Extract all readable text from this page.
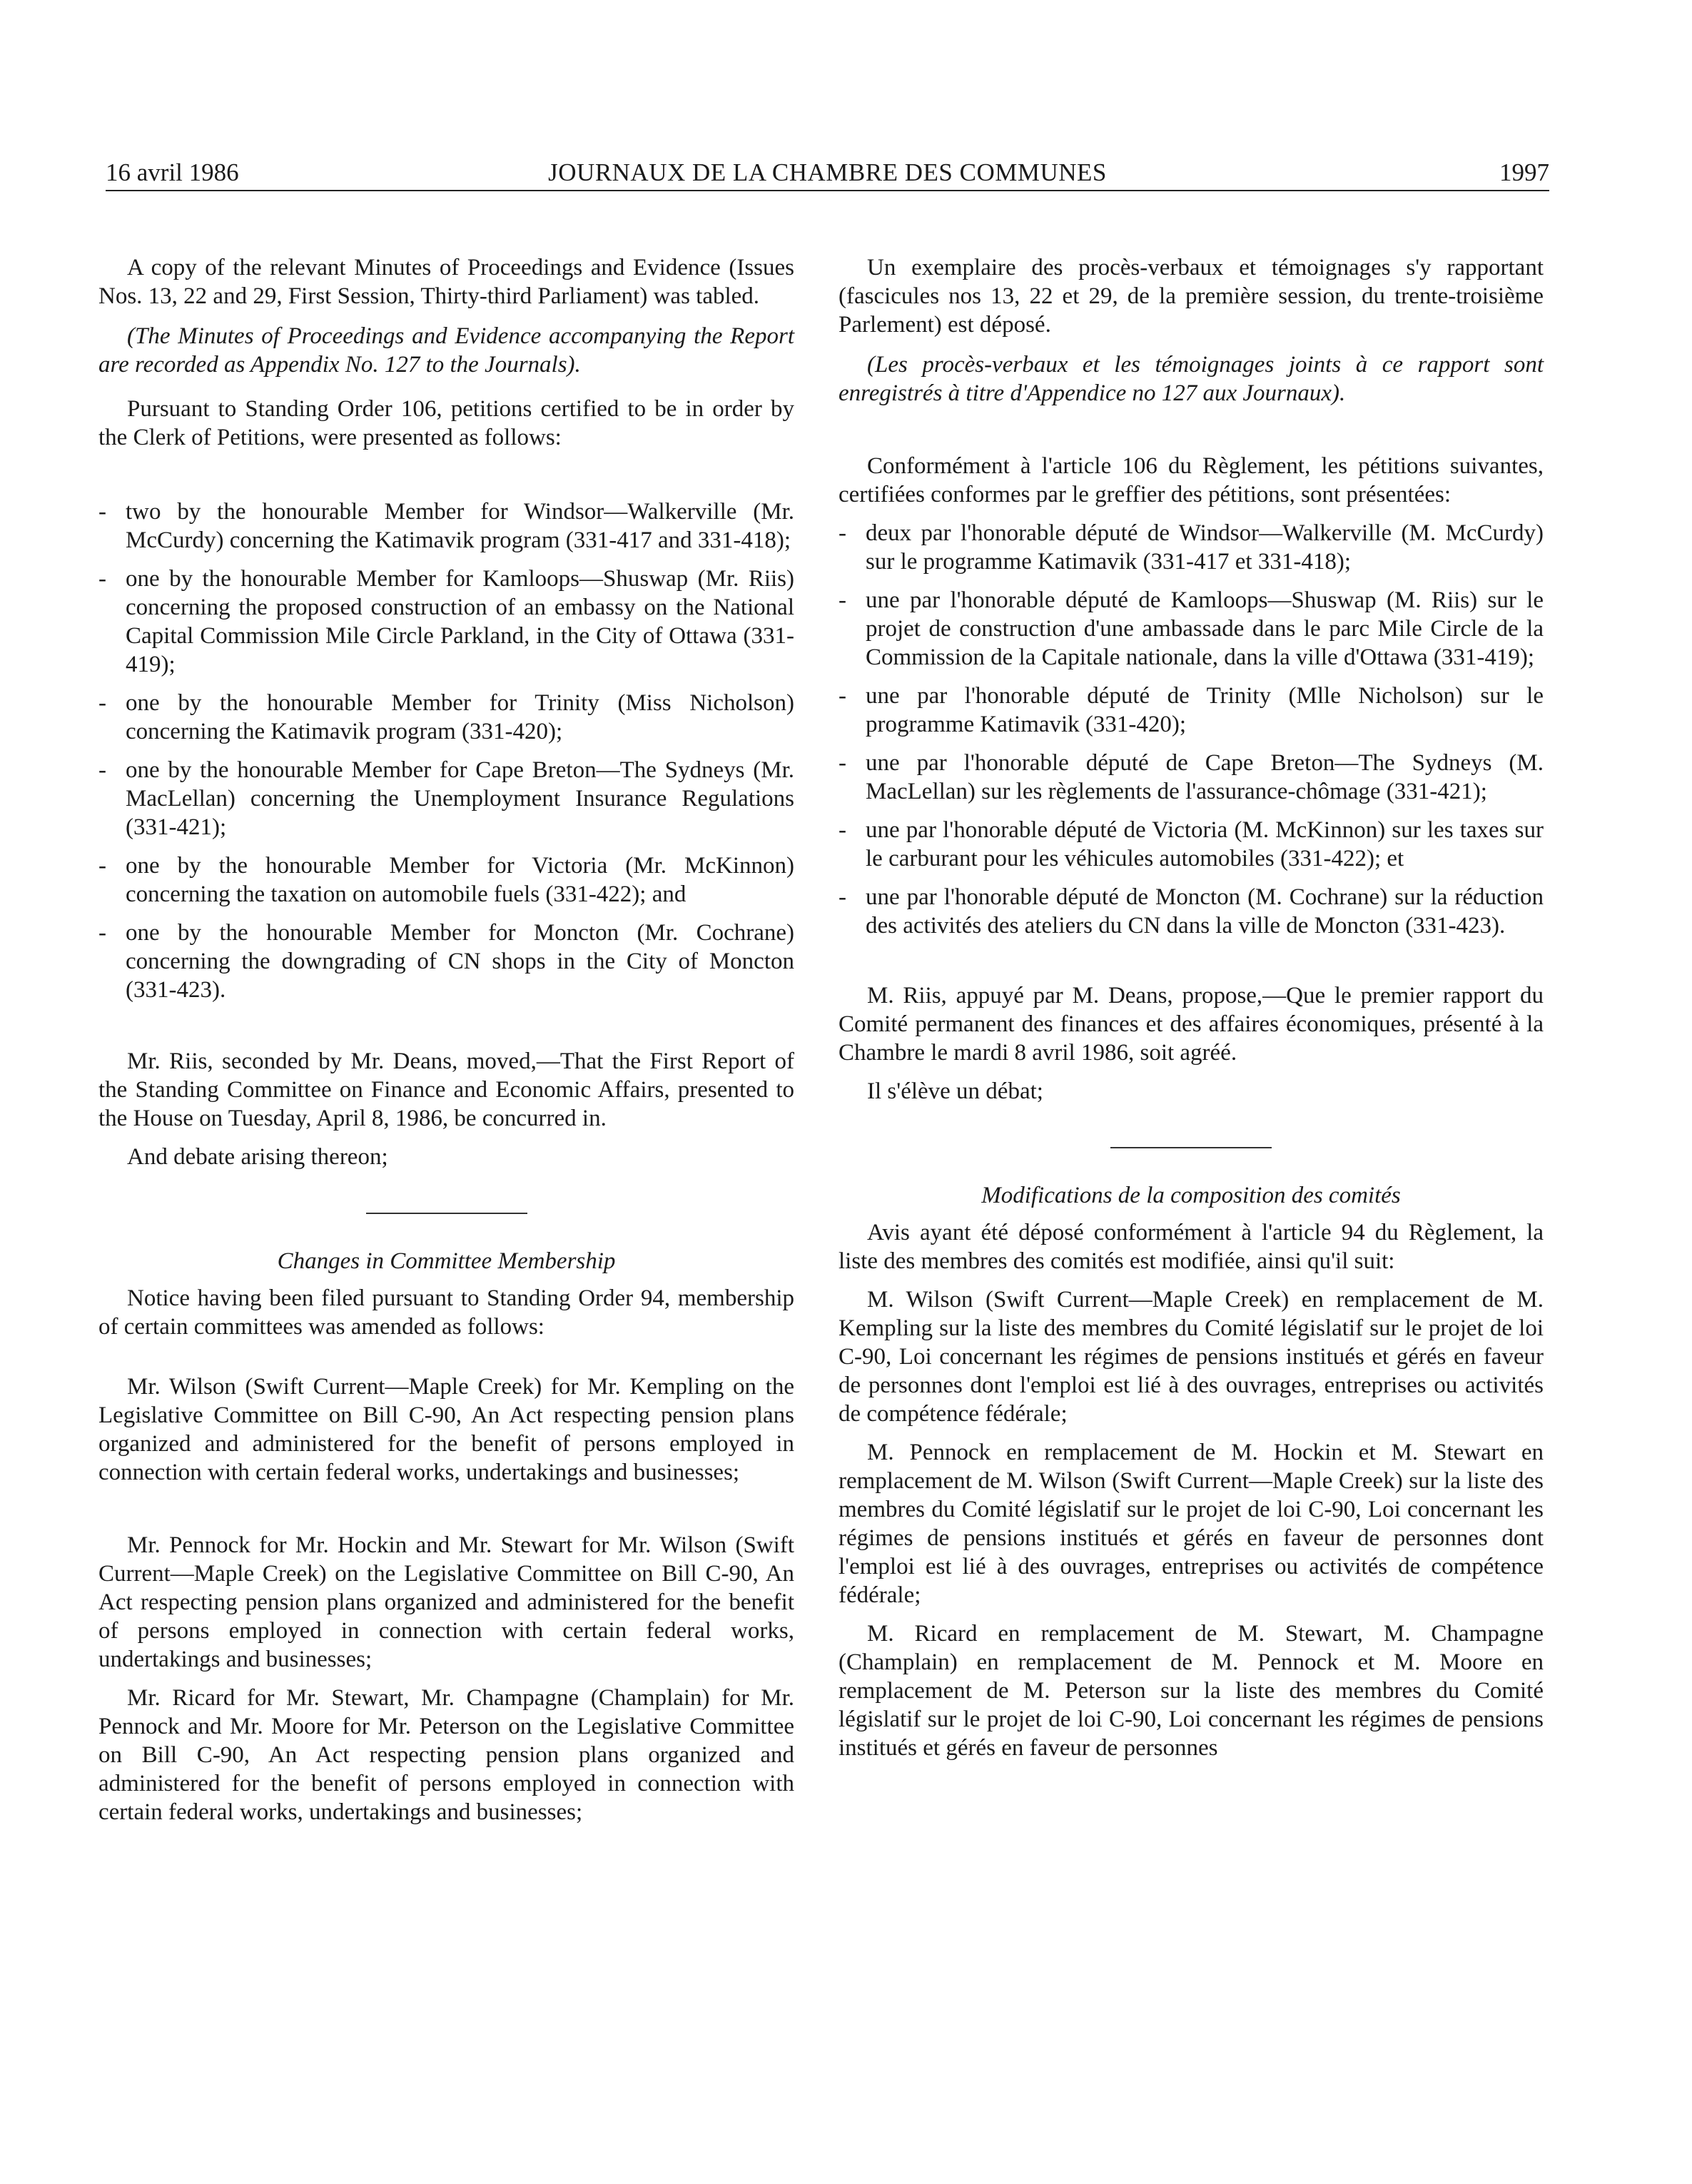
16 avril 1986	JOURNAUX DE LA CHAMBRE DES COMMUNES	1997

A copy of the relevant Minutes of Proceedings and Evidence (Issues Nos. 13, 22 and 29, First Session, Thirty-third Parliament) was tabled.

(The Minutes of Proceedings and Evidence accompanying the Report are recorded as Appendix No. 127 to the Journals).

Pursuant to Standing Order 106, petitions certified to be in order by the Clerk of Petitions, were presented as follows:

- two by the honourable Member for Windsor—Walkerville (Mr. McCurdy) concerning the Katimavik program (331-417 and 331-418);
- one by the honourable Member for Kamloops—Shuswap (Mr. Riis) concerning the proposed construction of an embassy on the National Capital Commission Mile Circle Parkland, in the City of Ottawa (331-419);
- one by the honourable Member for Trinity (Miss Nicholson) concerning the Katimavik program (331-420);
- one by the honourable Member for Cape Breton—The Sydneys (Mr. MacLellan) concerning the Unemployment Insurance Regulations (331-421);
- one by the honourable Member for Victoria (Mr. McKinnon) concerning the taxation on automobile fuels (331-422); and
- one by the honourable Member for Moncton (Mr. Cochrane) concerning the downgrading of CN shops in the City of Moncton (331-423).

Mr. Riis, seconded by Mr. Deans, moved,—That the First Report of the Standing Committee on Finance and Economic Affairs, presented to the House on Tuesday, April 8, 1986, be concurred in.

And debate arising thereon;

Changes in Committee Membership

Notice having been filed pursuant to Standing Order 94, membership of certain committees was amended as follows:

Mr. Wilson (Swift Current—Maple Creek) for Mr. Kempling on the Legislative Committee on Bill C-90, An Act respecting pension plans organized and administered for the benefit of persons employed in connection with certain federal works, undertakings and businesses;

Mr. Pennock for Mr. Hockin and Mr. Stewart for Mr. Wilson (Swift Current—Maple Creek) on the Legislative Committee on Bill C-90, An Act respecting pension plans organized and administered for the benefit of persons employed in connection with certain federal works, undertakings and businesses;

Mr. Ricard for Mr. Stewart, Mr. Champagne (Champlain) for Mr. Pennock and Mr. Moore for Mr. Peterson on the Legislative Committee on Bill C-90, An Act respecting pension plans organized and administered for the benefit of persons employed in connection with certain federal works, undertakings and businesses;

Un exemplaire des procès-verbaux et témoignages s'y rapportant (fascicules nos 13, 22 et 29, de la première session, du trente-troisième Parlement) est déposé.

(Les procès-verbaux et les témoignages joints à ce rapport sont enregistrés à titre d'Appendice no 127 aux Journaux).

Conformément à l'article 106 du Règlement, les pétitions suivantes, certifiées conformes par le greffier des pétitions, sont présentées:

- deux par l'honorable député de Windsor—Walkerville (M. McCurdy) sur le programme Katimavik (331-417 et 331-418);
- une par l'honorable député de Kamloops—Shuswap (M. Riis) sur le projet de construction d'une ambassade dans le parc Mile Circle de la Commission de la Capitale nationale, dans la ville d'Ottawa (331-419);
- une par l'honorable député de Trinity (Mlle Nicholson) sur le programme Katimavik (331-420);
- une par l'honorable député de Cape Breton—The Sydneys (M. MacLellan) sur les règlements de l'assurance-chômage (331-421);
- une par l'honorable député de Victoria (M. McKinnon) sur les taxes sur le carburant pour les véhicules automobiles (331-422); et
- une par l'honorable député de Moncton (M. Cochrane) sur la réduction des activités des ateliers du CN dans la ville de Moncton (331-423).

M. Riis, appuyé par M. Deans, propose,—Que le premier rapport du Comité permanent des finances et des affaires économiques, présenté à la Chambre le mardi 8 avril 1986, soit agréé.

Il s'élève un débat;

Modifications de la composition des comités

Avis ayant été déposé conformément à l'article 94 du Règlement, la liste des membres des comités est modifiée, ainsi qu'il suit:

M. Wilson (Swift Current—Maple Creek) en remplacement de M. Kempling sur la liste des membres du Comité législatif sur le projet de loi C-90, Loi concernant les régimes de pensions institués et gérés en faveur de personnes dont l'emploi est lié à des ouvrages, entreprises ou activités de compétence fédérale;

M. Pennock en remplacement de M. Hockin et M. Stewart en remplacement de M. Wilson (Swift Current—Maple Creek) sur la liste des membres du Comité législatif sur le projet de loi C-90, Loi concernant les régimes de pensions institués et gérés en faveur de personnes dont l'emploi est lié à des ouvrages, entreprises ou activités de compétence fédérale;

M. Ricard en remplacement de M. Stewart, M. Champagne (Champlain) en remplacement de M. Pennock et M. Moore en remplacement de M. Peterson sur la liste des membres du Comité législatif sur le projet de loi C-90, Loi concernant les régimes de pensions institués et gérés en faveur de personnes
